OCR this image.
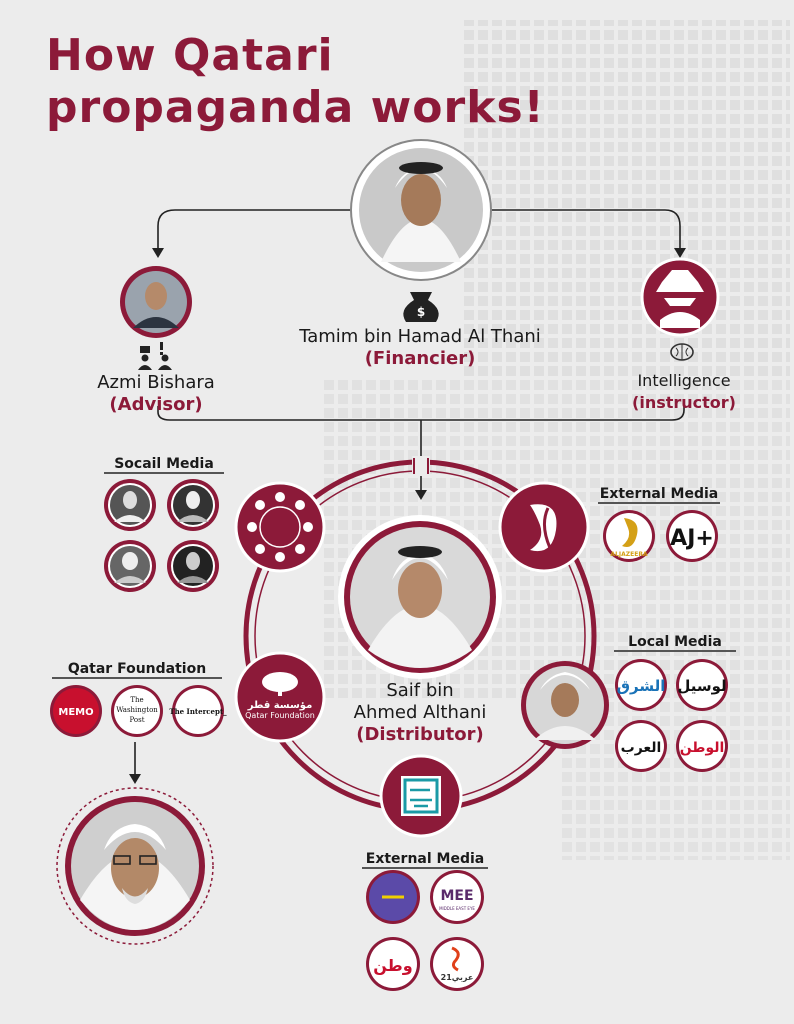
$
ALJAZEERA
AJ+
الشرق لوسيل
العرب الوطن
MEMO
The
Washington
Post
The Intercept_
MEE
MIDDLE EAST EYE
وطن
عربي21
How Qatari
propaganda works!
Tamim bin Hamad Al Thani
(Financier)
Azmi Bishara
(Advisor)
Intelligence
(instructor)
Saif bin
Ahmed Althani
(Distributor)
مؤسسة قطر
Qatar Foundation
Socail Media
External Media
Local Media
Qatar Foundation
External Media
